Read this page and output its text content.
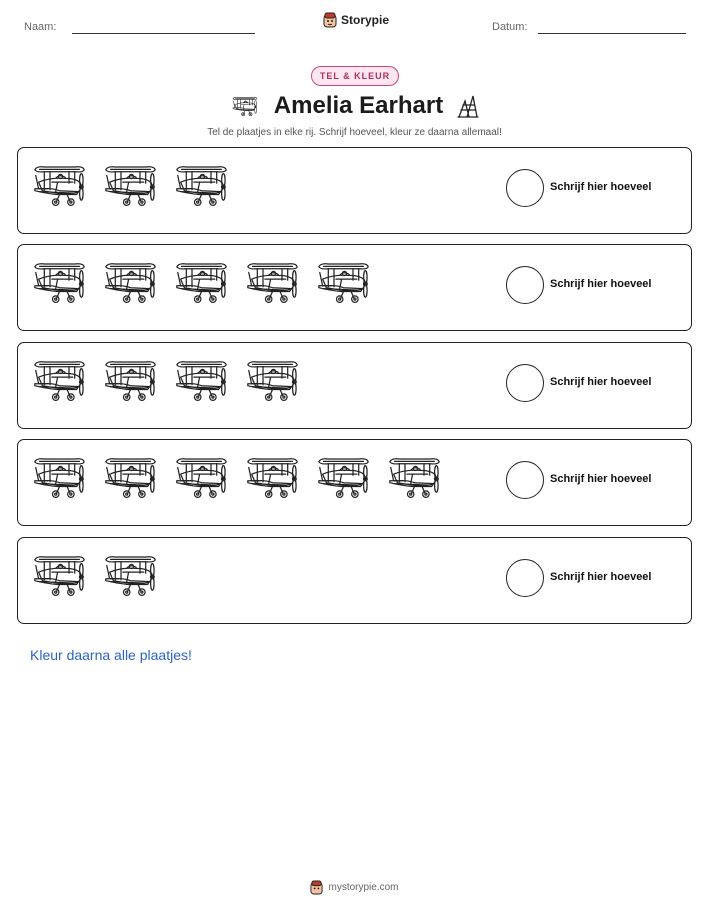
Naam:	Storypie	Datum:
TEL & KLEUR
Amelia Earhart
Tel de plaatjes in elke rij. Schrijf hoeveel, kleur ze daarna allemaal!
Schrijf hier hoeveel
Schrijf hier hoeveel
Schrijf hier hoeveel
Schrijf hier hoeveel
Schrijf hier hoeveel
Kleur daarna alle plaatjes!
mystorypie.com
